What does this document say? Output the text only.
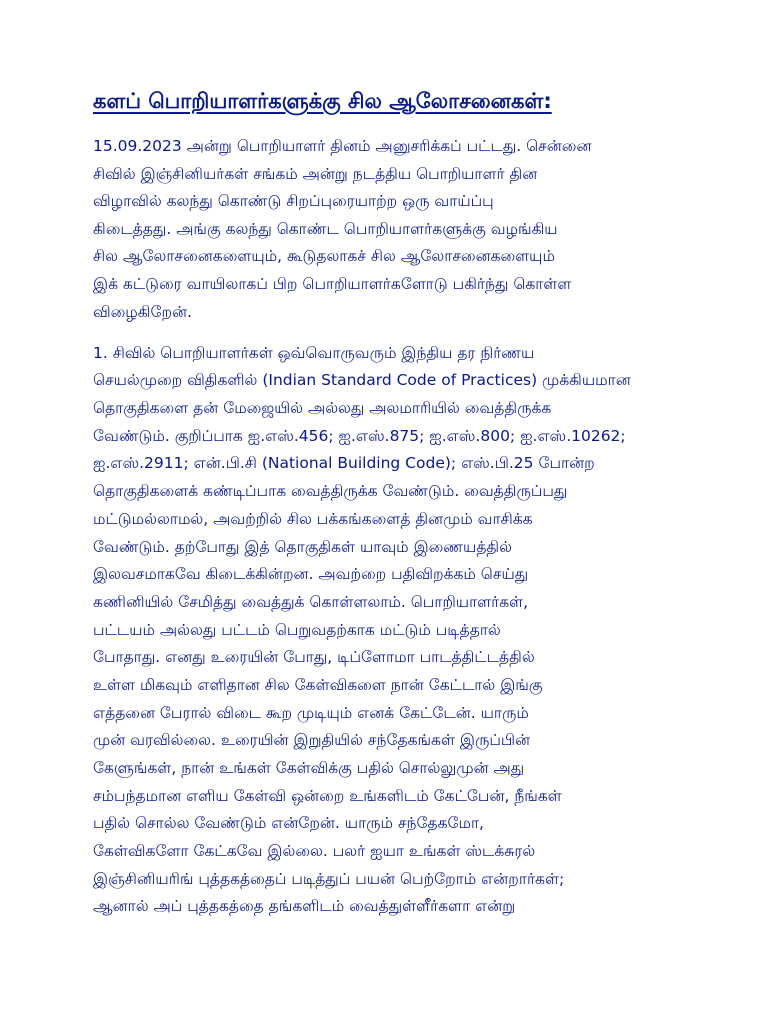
களப் பொறியாளர்களுக்கு சில ஆலோசனைகள்:

15.09.2023 அன்று பொறியாளர் தினம் அனுசரிக்கப் பட்டது. சென்னை

சிவில் இஞ்சினியர்கள் சங்கம் அன்று நடத்திய பொறியாளர் தின

விழாவில் கலந்து கொண்டு சிறப்புரையாற்ற ஒரு வாய்ப்பு

கிடைத்தது. அங்கு கலந்து கொண்ட பொறியாளர்களுக்கு வழங்கிய

சில ஆலோசனைகளையும், கூடுதலாகச் சில ஆலோசனைகளையும்

இக் கட்டுரை வாயிலாகப் பிற பொறியாளர்களோடு பகிர்ந்து கொள்ள

விழைகிறேன்.

1. சிவில் பொறியாளர்கள் ஒவ்வொருவரும் இந்திய தர நிர்ணய

செயல்முறை விதிகளில் (Indian Standard Code of Practices) முக்கியமான

தொகுதிகளை தன் மேஜையில் அல்லது அலமாரியில் வைத்திருக்க

வேண்டும். குறிப்பாக ஐ.எஸ்.456; ஐ.எஸ்.875; ஐ.எஸ்.800; ஐ.எஸ்.10262;

ஐ.எஸ்.2911; என்.பி.சி (National Building Code); எஸ்.பி.25 போன்ற

தொகுதிகளைக் கண்டிப்பாக வைத்திருக்க வேண்டும். வைத்திருப்பது

மட்டுமல்லாமல், அவற்றில் சில பக்கங்களைத் தினமும் வாசிக்க

வேண்டும். தற்போது இத் தொகுதிகள் யாவும் இணையத்தில்

இலவசமாகவே கிடைக்கின்றன. அவற்றை பதிவிறக்கம் செய்து

கணினியில் சேமித்து வைத்துக் கொள்ளலாம். பொறியாளர்கள்,

பட்டயம் அல்லது பட்டம் பெறுவதற்காக மட்டும் படித்தால்

போதாது. எனது உரையின் போது, டிப்ளோமா பாடத்திட்டத்தில்

உள்ள மிகவும் எளிதான சில கேள்விகளை நான் கேட்டால் இங்கு

எத்தனை பேரால் விடை கூற முடியும் எனக் கேட்டேன். யாரும்

முன் வரவில்லை. உரையின் இறுதியில் சந்தேகங்கள் இருப்பின்

கேளுங்கள், நான் உங்கள் கேள்விக்கு பதில் சொல்லுமுன் அது

சம்பந்தமான எளிய கேள்வி ஒன்றை உங்களிடம் கேட்பேன், நீங்கள்

பதில் சொல்ல வேண்டும் என்றேன். யாரும் சந்தேகமோ,

கேள்விகளோ கேட்கவே இல்லை. பலர் ஐயா உங்கள் ஸ்டக்சுரல்

இஞ்சினியரிங் புத்தகத்தைப் படித்துப் பயன் பெற்றோம் என்றார்கள்;

ஆனால் அப் புத்தகத்தை தங்களிடம் வைத்துள்ளீர்களா என்று
